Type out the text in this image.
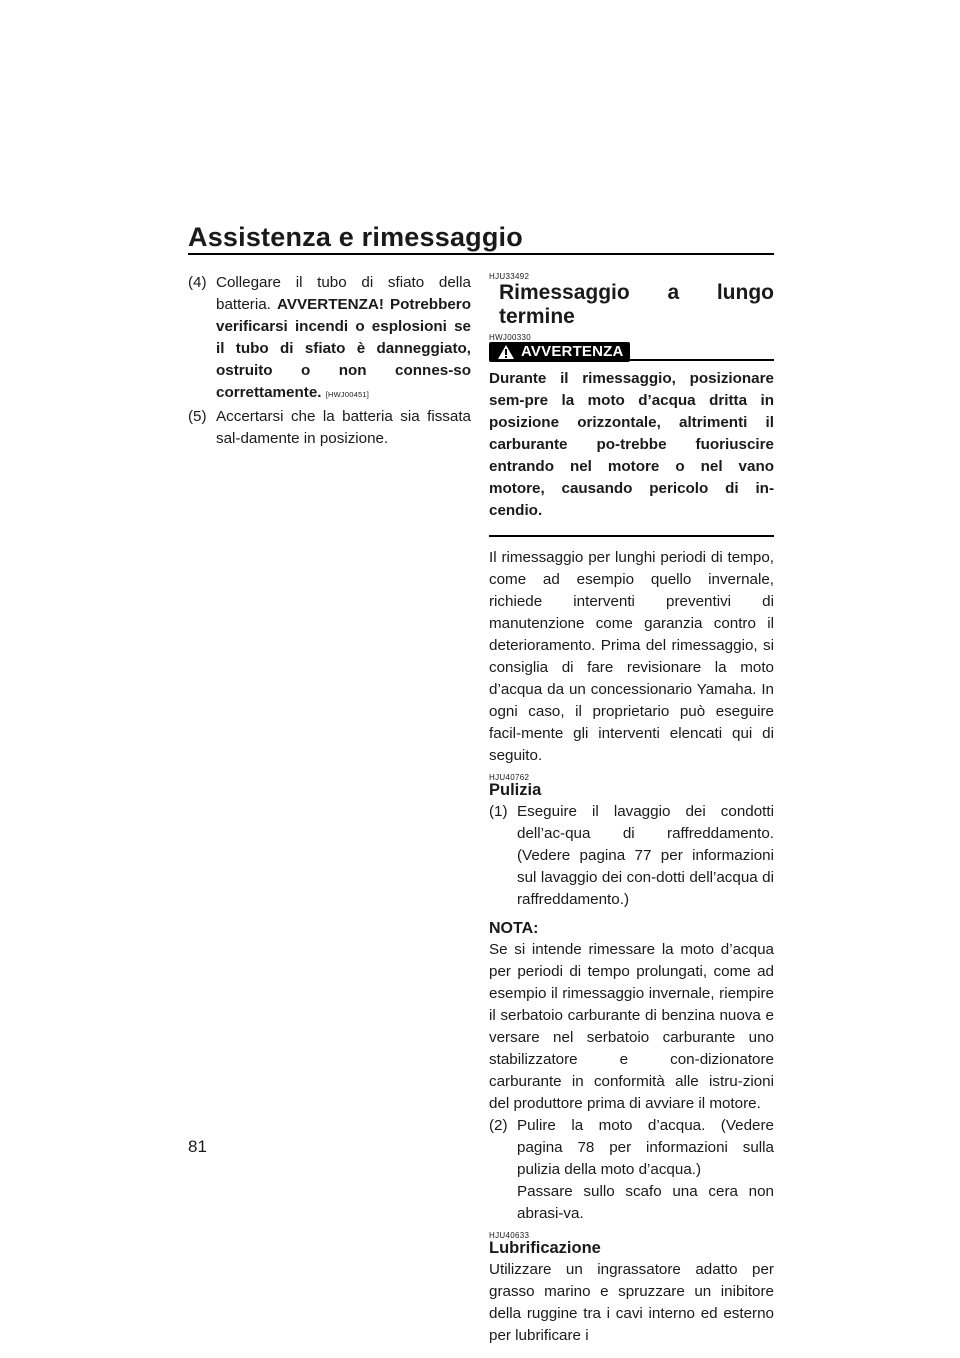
Assistenza e rimessaggio
81
(4) Collegare il tubo di sfiato della batteria. AVVERTENZA! Potrebbero verificarsi incendi o esplosioni se il tubo di sfiato è danneggiato, ostruito o non connes-so correttamente. [HWJ00451]
(5) Accertarsi che la batteria sia fissata sal-damente in posizione.
HJU33492
Rimessaggio a lungo termine
HWJ00330
AVVERTENZA
Durante il rimessaggio, posizionare sem-pre la moto d’acqua dritta in posizione orizzontale, altrimenti il carburante po-trebbe fuoriuscire entrando nel motore o nel vano motore, causando pericolo di in-cendio.
Il rimessaggio per lunghi periodi di tempo, come ad esempio quello invernale, richiede interventi preventivi di manutenzione come garanzia contro il deterioramento. Prima del rimessaggio, si consiglia di fare revisionare la moto d’acqua da un concessionario Yamaha. In ogni caso, il proprietario può eseguire facil-mente gli interventi elencati qui di seguito.
HJU40762
Pulizia
(1) Eseguire il lavaggio dei condotti dell’ac-qua di raffreddamento. (Vedere pagina 77 per informazioni sul lavaggio dei con-dotti dell’acqua di raffreddamento.)
NOTA:
Se si intende rimessare la moto d’acqua per periodi di tempo prolungati, come ad esempio il rimessaggio invernale, riempire il serbatoio carburante di benzina nuova e versare nel serbatoio carburante uno stabilizzatore e con-dizionatore carburante in conformità alle istru-zioni del produttore prima di avviare il motore.
(2) Pulire la moto d’acqua. (Vedere pagina 78 per informazioni sulla pulizia della moto d’acqua.)
Passare sullo scafo una cera non abrasi-va.
HJU40633
Lubrificazione
Utilizzare un ingrassatore adatto per grasso marino e spruzzare un inibitore della ruggine tra i cavi interno ed esterno per lubrificare i
